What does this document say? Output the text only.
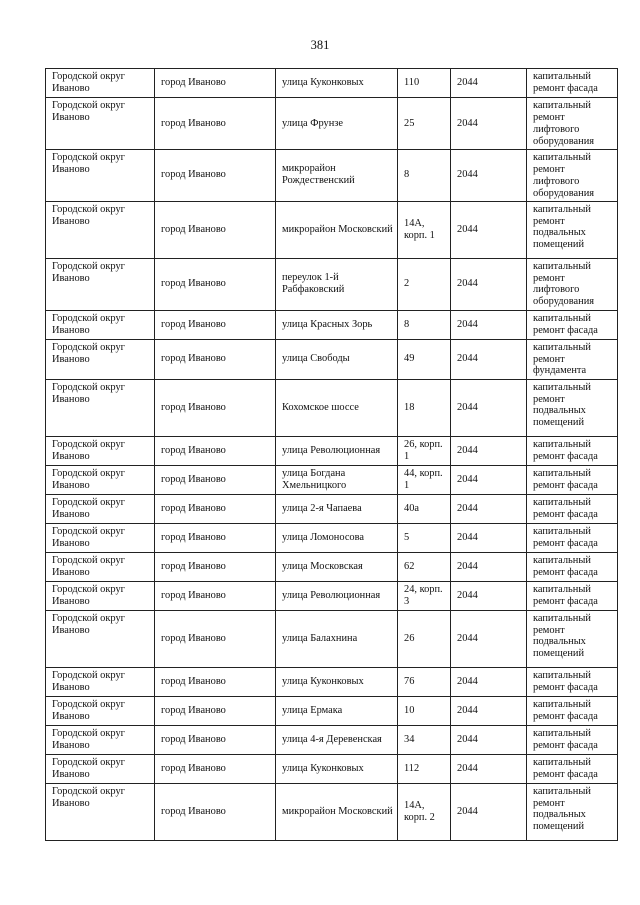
381
Городской округ Иваново	город Иваново	улица Куконковых	110	2044	капитальный ремонт фасада
Городской округ Иваново	город Иваново	улица Фрунзе	25	2044	капитальный ремонт лифтового оборудования
Городской округ Иваново	город Иваново	микрорайон Рождественский	8	2044	капитальный ремонт лифтового оборудования
Городской округ Иваново	город Иваново	микрорайон Московский	14А, корп. 1	2044	капитальный ремонт подвальных помещений
Городской округ Иваново	город Иваново	переулок 1-й Рабфаковский	2	2044	капитальный ремонт лифтового оборудования
Городской округ Иваново	город Иваново	улица Красных Зорь	8	2044	капитальный ремонт фасада
Городской округ Иваново	город Иваново	улица Свободы	49	2044	капитальный ремонт фундамента
Городской округ Иваново	город Иваново	Кохомское шоссе	18	2044	капитальный ремонт подвальных помещений
Городской округ Иваново	город Иваново	улица Революционная	26, корп. 1	2044	капитальный ремонт фасада
Городской округ Иваново	город Иваново	улица Богдана Хмельницкого	44, корп. 1	2044	капитальный ремонт фасада
Городской округ Иваново	город Иваново	улица 2-я Чапаева	40а	2044	капитальный ремонт фасада
Городской округ Иваново	город Иваново	улица Ломоносова	5	2044	капитальный ремонт фасада
Городской округ Иваново	город Иваново	улица Московская	62	2044	капитальный ремонт фасада
Городской округ Иваново	город Иваново	улица Революционная	24, корп. 3	2044	капитальный ремонт фасада
Городской округ Иваново	город Иваново	улица Балахнина	26	2044	капитальный ремонт подвальных помещений
Городской округ Иваново	город Иваново	улица Куконковых	76	2044	капитальный ремонт фасада
Городской округ Иваново	город Иваново	улица Ермака	10	2044	капитальный ремонт фасада
Городской округ Иваново	город Иваново	улица 4-я Деревенская	34	2044	капитальный ремонт фасада
Городской округ Иваново	город Иваново	улица Куконковых	112	2044	капитальный ремонт фасада
Городской округ Иваново	город Иваново	микрорайон Московский	14А, корп. 2	2044	капитальный ремонт подвальных помещений
